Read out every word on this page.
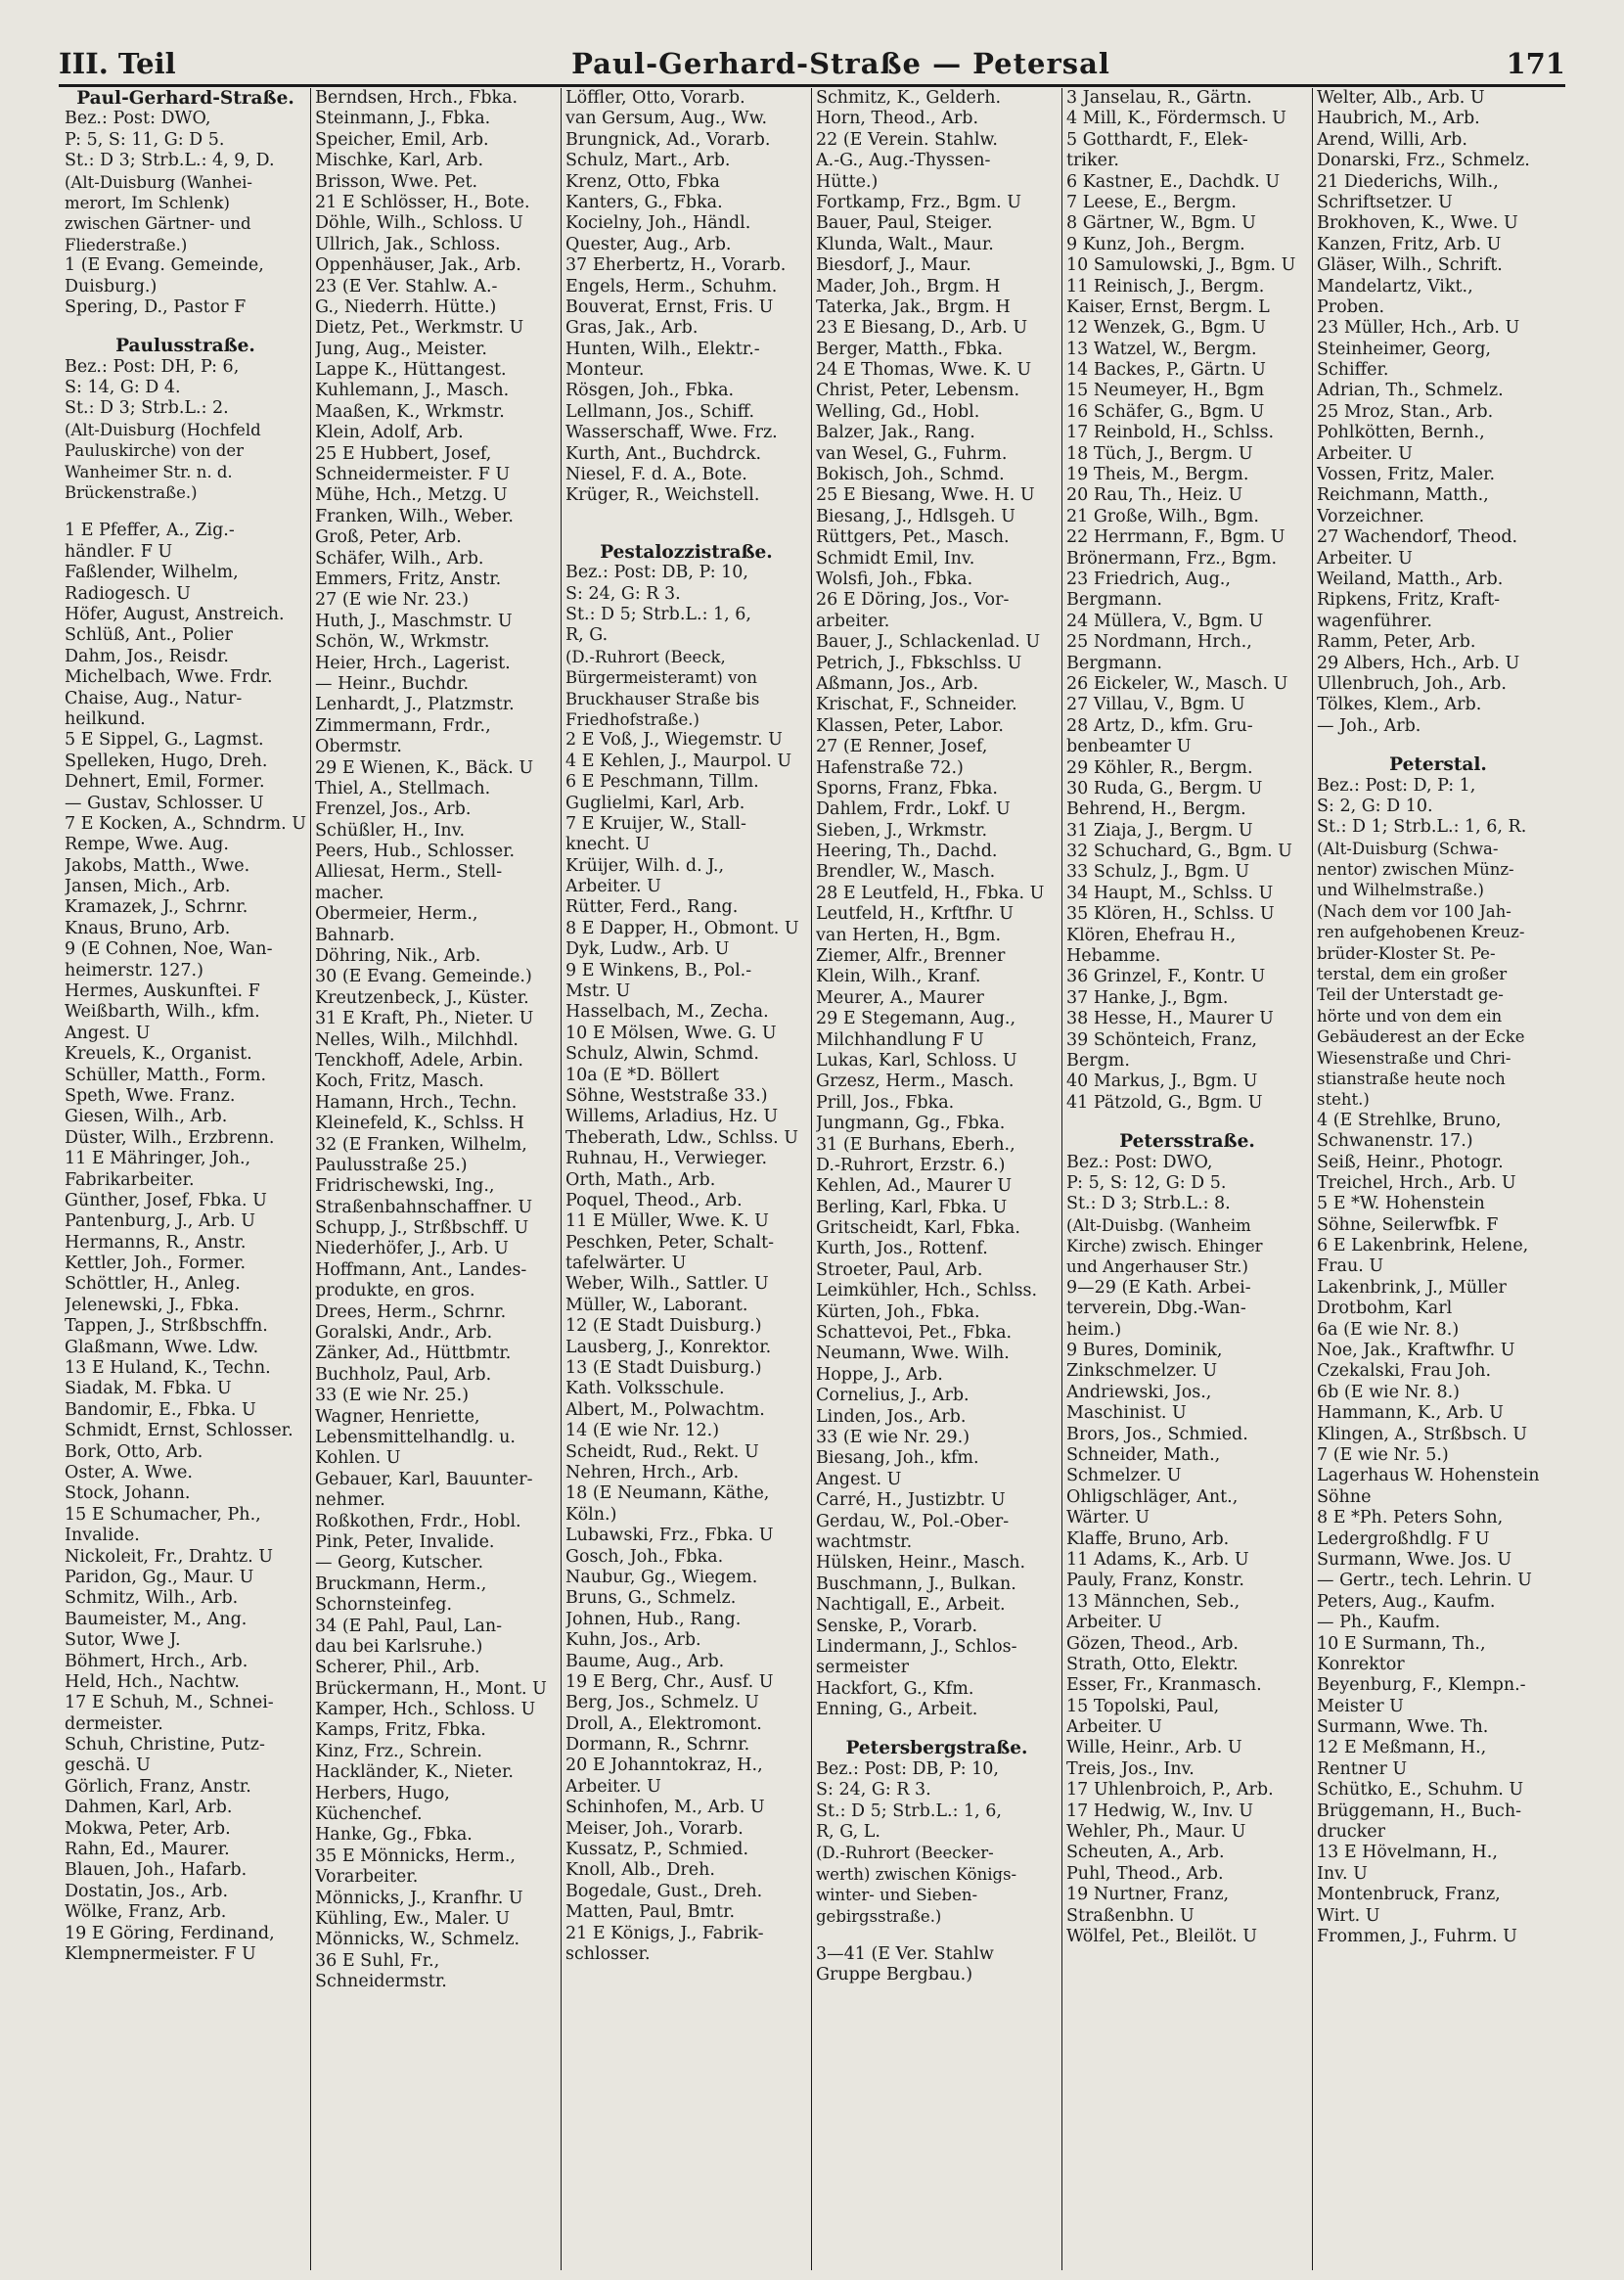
III. Teil	Paul-Gerhard-Straße — Petersal	171
Paul-Gerhard-Straße.
Bez.: Post: DWO,
P: 5, S: 11, G: D 5.
St.: D 3; Strb.L.: 4, 9, D.
(Alt-Duisburg (Wanhei-
merort, Im Schlenk)
zwischen Gärtner- und
Fliederstraße.)
1 (E Evang. Gemeinde,
Duisburg.)
Spering, D., Pastor F
Paulusstraße.
Bez.: Post: DH, P: 6,
S: 14, G: D 4.
St.: D 3; Strb.L.: 2.
(Alt-Duisburg (Hochfeld
Pauluskirche) von der
Wanheimer Str. n. d.
Brückenstraße.)
1 E Pfeffer, A., Zig.-
händler. F U
Faßlender, Wilhelm,
Radiogesch. U
Höfer, August, Anstreich.
Schlüß, Ant., Polier
Dahm, Jos., Reisdr.
Michelbach, Wwe. Frdr.
Chaise, Aug., Natur-
heilkund.
5 E Sippel, G., Lagmst.
Spelleken, Hugo, Dreh.
Dehnert, Emil, Former.
— Gustav, Schlosser. U
7 E Kocken, A., Schndrm. U
Rempe, Wwe. Aug.
Jakobs, Matth., Wwe.
Jansen, Mich., Arb.
Kramazek, J., Schrnr.
Knaus, Bruno, Arb.
9 (E Cohnen, Noe, Wan-
heimerstr. 127.)
Hermes, Auskunftei. F
Weißbarth, Wilh., kfm.
Angest. U
Kreuels, K., Organist.
Schüller, Matth., Form.
Speth, Wwe. Franz.
Giesen, Wilh., Arb.
Düster, Wilh., Erzbrenn.
11 E Mähringer, Joh.,
Fabrikarbeiter.
Günther, Josef, Fbka. U
Pantenburg, J., Arb. U
Hermanns, R., Anstr.
Kettler, Joh., Former.
Schöttler, H., Anleg.
Jelenewski, J., Fbka.
Tappen, J., Strßbschffn.
Glaßmann, Wwe. Ldw.
13 E Huland, K., Techn.
Siadak, M. Fbka. U
Bandomir, E., Fbka. U
Schmidt, Ernst, Schlosser.
Bork, Otto, Arb.
Oster, A. Wwe.
Stock, Johann.
15 E Schumacher, Ph.,
Invalide.
Nickoleit, Fr., Drahtz. U
Paridon, Gg., Maur. U
Schmitz, Wilh., Arb.
Baumeister, M., Ang.
Sutor, Wwe J.
Böhmert, Hrch., Arb.
Held, Hch., Nachtw.
17 E Schuh, M., Schnei-
dermeister.
Schuh, Christine, Putz-
geschä. U
Görlich, Franz, Anstr.
Dahmen, Karl, Arb.
Mokwa, Peter, Arb.
Rahn, Ed., Maurer.
Blauen, Joh., Hafarb.
Dostatin, Jos., Arb.
Wölke, Franz, Arb.
19 E Göring, Ferdinand,
Klempnermeister. F U
Berndsen, Hrch., Fbka.
Steinmann, J., Fbka.
Speicher, Emil, Arb.
Mischke, Karl, Arb.
Brisson, Wwe. Pet.
21 E Schlösser, H., Bote.
Döhle, Wilh., Schloss. U
Ullrich, Jak., Schloss.
Oppenhäuser, Jak., Arb.
23 (E Ver. Stahlw. A.-
G., Niederrh. Hütte.)
Dietz, Pet., Werkmstr. U
Jung, Aug., Meister.
Lappe K., Hüttangest.
Kuhlemann, J., Masch.
Maaßen, K., Wrkmstr.
Klein, Adolf, Arb.
25 E Hubbert, Josef,
Schneidermeister. F U
Mühe, Hch., Metzg. U
Franken, Wilh., Weber.
Groß, Peter, Arb.
Schäfer, Wilh., Arb.
Emmers, Fritz, Anstr.
27 (E wie Nr. 23.)
Huth, J., Maschmstr. U
Schön, W., Wrkmstr.
Heier, Hrch., Lagerist.
— Heinr., Buchdr.
Lenhardt, J., Platzmstr.
Zimmermann, Frdr.,
Obermstr.
29 E Wienen, K., Bäck. U
Thiel, A., Stellmach.
Frenzel, Jos., Arb.
Schüßler, H., Inv.
Peers, Hub., Schlosser.
Alliesat, Herm., Stell-
macher.
Obermeier, Herm.,
Bahnarb.
Döhring, Nik., Arb.
30 (E Evang. Gemeinde.)
Kreutzenbeck, J., Küster.
31 E Kraft, Ph., Nieter. U
Nelles, Wilh., Milchhdl.
Tenckhoff, Adele, Arbin.
Koch, Fritz, Masch.
Hamann, Hrch., Techn.
Kleinefeld, K., Schlss. H
32 (E Franken, Wilhelm,
Paulusstraße 25.)
Fridrischewski, Ing.,
Straßenbahnschaffner. U
Schupp, J., Strßbschff. U
Niederhöfer, J., Arb. U
Hoffmann, Ant., Landes-
produkte, en gros.
Drees, Herm., Schrnr.
Goralski, Andr., Arb.
Zänker, Ad., Hüttbmtr.
Buchholz, Paul, Arb.
33 (E wie Nr. 25.)
Wagner, Henriette,
Lebensmittelhandlg. u.
Kohlen. U
Gebauer, Karl, Bauunter-
nehmer.
Roßkothen, Frdr., Hobl.
Pink, Peter, Invalide.
— Georg, Kutscher.
Bruckmann, Herm.,
Schornsteinfeg.
34 (E Pahl, Paul, Lan-
dau bei Karlsruhe.)
Scherer, Phil., Arb.
Brückermann, H., Mont. U
Kamper, Hch., Schloss. U
Kamps, Fritz, Fbka.
Kinz, Frz., Schrein.
Hackländer, K., Nieter.
Herbers, Hugo,
Küchenchef.
Hanke, Gg., Fbka.
35 E Mönnicks, Herm.,
Vorarbeiter.
Mönnicks, J., Kranfhr. U
Kühling, Ew., Maler. U
Mönnicks, W., Schmelz.
36 E Suhl, Fr.,
Schneidermstr.
Löffler, Otto, Vorarb.
van Gersum, Aug., Ww.
Brungnick, Ad., Vorarb.
Schulz, Mart., Arb.
Krenz, Otto, Fbka
Kanters, G., Fbka.
Kocielny, Joh., Händl.
Quester, Aug., Arb.
37 Eherbertz, H., Vorarb.
Engels, Herm., Schuhm.
Bouverat, Ernst, Fris. U
Gras, Jak., Arb.
Hunten, Wilh., Elektr.-
Monteur.
Rösgen, Joh., Fbka.
Lellmann, Jos., Schiff.
Wasserschaff, Wwe. Frz.
Kurth, Ant., Buchdrck.
Niesel, F. d. A., Bote.
Krüger, R., Weichstell.
Pestalozzistraße.
Bez.: Post: DB, P: 10,
S: 24, G: R 3.
St.: D 5; Strb.L.: 1, 6,
R, G.
(D.-Ruhrort (Beeck,
Bürgermeisteramt) von
Bruckhauser Straße bis
Friedhofstraße.)
2 E Voß, J., Wiegemstr. U
4 E Kehlen, J., Maurpol. U
6 E Peschmann, Tillm.
Guglielmi, Karl, Arb.
7 E Kruijer, W., Stall-
knecht. U
Krüijer, Wilh. d. J.,
Arbeiter. U
Rütter, Ferd., Rang.
8 E Dapper, H., Obmont. U
Dyk, Ludw., Arb. U
9 E Winkens, B., Pol.-
Mstr. U
Hasselbach, M., Zecha.
10 E Mölsen, Wwe. G. U
Schulz, Alwin, Schmd.
10a (E *D. Böllert
Söhne, Weststraße 33.)
Willems, Arladius, Hz. U
Theberath, Ldw., Schlss. U
Ruhnau, H., Verwieger.
Orth, Math., Arb.
Poquel, Theod., Arb.
11 E Müller, Wwe. K. U
Peschken, Peter, Schalt-
tafelwärter. U
Weber, Wilh., Sattler. U
Müller, W., Laborant.
12 (E Stadt Duisburg.)
Lausberg, J., Konrektor.
13 (E Stadt Duisburg.)
Kath. Volksschule.
Albert, M., Polwachtm.
14 (E wie Nr. 12.)
Scheidt, Rud., Rekt. U
Nehren, Hrch., Arb.
18 (E Neumann, Käthe,
Köln.)
Lubawski, Frz., Fbka. U
Gosch, Joh., Fbka.
Naubur, Gg., Wiegem.
Bruns, G., Schmelz.
Johnen, Hub., Rang.
Kuhn, Jos., Arb.
Baume, Aug., Arb.
19 E Berg, Chr., Ausf. U
Berg, Jos., Schmelz. U
Droll, A., Elektromont.
Dormann, R., Schrnr.
20 E Johanntokraz, H.,
Arbeiter. U
Schinhofen, M., Arb. U
Meiser, Joh., Vorarb.
Kussatz, P., Schmied.
Knoll, Alb., Dreh.
Bogedale, Gust., Dreh.
Matten, Paul, Bmtr.
21 E Königs, J., Fabrik-
schlosser.
Schmitz, K., Gelderh.
Horn, Theod., Arb.
22 (E Verein. Stahlw.
A.-G., Aug.-Thyssen-
Hütte.)
Fortkamp, Frz., Bgm. U
Bauer, Paul, Steiger.
Klunda, Walt., Maur.
Biesdorf, J., Maur.
Mader, Joh., Brgm. H
Taterka, Jak., Brgm. H
23 E Biesang, D., Arb. U
Berger, Matth., Fbka.
24 E Thomas, Wwe. K. U
Christ, Peter, Lebensm.
Welling, Gd., Hobl.
Balzer, Jak., Rang.
van Wesel, G., Fuhrm.
Bokisch, Joh., Schmd.
25 E Biesang, Wwe. H. U
Biesang, J., Hdlsgeh. U
Rüttgers, Pet., Masch.
Schmidt Emil, Inv.
Wolsfi, Joh., Fbka.
26 E Döring, Jos., Vor-
arbeiter.
Bauer, J., Schlackenlad. U
Petrich, J., Fbkschlss. U
Aßmann, Jos., Arb.
Krischat, F., Schneider.
Klassen, Peter, Labor.
27 (E Renner, Josef,
Hafenstraße 72.)
Sporns, Franz, Fbka.
Dahlem, Frdr., Lokf. U
Sieben, J., Wrkmstr.
Heering, Th., Dachd.
Brendler, W., Masch.
28 E Leutfeld, H., Fbka. U
Leutfeld, H., Krftfhr. U
van Herten, H., Bgm.
Ziemer, Alfr., Brenner
Klein, Wilh., Kranf.
Meurer, A., Maurer
29 E Stegemann, Aug.,
Milchhandlung F U
Lukas, Karl, Schloss. U
Grzesz, Herm., Masch.
Prill, Jos., Fbka.
Jungmann, Gg., Fbka.
31 (E Burhans, Eberh.,
D.-Ruhrort, Erzstr. 6.)
Kehlen, Ad., Maurer U
Berling, Karl, Fbka. U
Gritscheidt, Karl, Fbka.
Kurth, Jos., Rottenf.
Stroeter, Paul, Arb.
Leimkühler, Hch., Schlss.
Kürten, Joh., Fbka.
Schattevoi, Pet., Fbka.
Neumann, Wwe. Wilh.
Hoppe, J., Arb.
Cornelius, J., Arb.
Linden, Jos., Arb.
33 (E wie Nr. 29.)
Biesang, Joh., kfm.
Angest. U
Carré, H., Justizbtr. U
Gerdau, W., Pol.-Ober-
wachtmstr.
Hülsken, Heinr., Masch.
Buschmann, J., Bulkan.
Nachtigall, E., Arbeit.
Senske, P., Vorarb.
Lindermann, J., Schlos-
sermeister
Hackfort, G., Kfm.
Enning, G., Arbeit.
Petersbergstraße.
Bez.: Post: DB, P: 10,
S: 24, G: R 3.
St.: D 5; Strb.L.: 1, 6,
R, G, L.
(D.-Ruhrort (Beecker-
werth) zwischen Königs-
winter- und Sieben-
gebirgsstraße.)
3—41 (E Ver. Stahlw
Gruppe Bergbau.)
3 Janselau, R., Gärtn.
4 Mill, K., Fördermsch. U
5 Gotthardt, F., Elek-
triker.
6 Kastner, E., Dachdk. U
7 Leese, E., Bergm.
8 Gärtner, W., Bgm. U
9 Kunz, Joh., Bergm.
10 Samulowski, J., Bgm. U
11 Reinisch, J., Bergm.
Kaiser, Ernst, Bergm. L
12 Wenzek, G., Bgm. U
13 Watzel, W., Bergm.
14 Backes, P., Gärtn. U
15 Neumeyer, H., Bgm
16 Schäfer, G., Bgm. U
17 Reinbold, H., Schlss.
18 Tüch, J., Bergm. U
19 Theis, M., Bergm.
20 Rau, Th., Heiz. U
21 Große, Wilh., Bgm.
22 Herrmann, F., Bgm. U
Brönermann, Frz., Bgm.
23 Friedrich, Aug.,
Bergmann.
24 Müllera, V., Bgm. U
25 Nordmann, Hrch.,
Bergmann.
26 Eickeler, W., Masch. U
27 Villau, V., Bgm. U
28 Artz, D., kfm. Gru-
benbeamter U
29 Köhler, R., Bergm.
30 Ruda, G., Bergm. U
Behrend, H., Bergm.
31 Ziaja, J., Bergm. U
32 Schuchard, G., Bgm. U
33 Schulz, J., Bgm. U
34 Haupt, M., Schlss. U
35 Klören, H., Schlss. U
Klören, Ehefrau H.,
Hebamme.
36 Grinzel, F., Kontr. U
37 Hanke, J., Bgm.
38 Hesse, H., Maurer U
39 Schönteich, Franz,
Bergm.
40 Markus, J., Bgm. U
41 Pätzold, G., Bgm. U
Petersstraße.
Bez.: Post: DWO,
P: 5, S: 12, G: D 5.
St.: D 3; Strb.L.: 8.
(Alt-Duisbg. (Wanheim
Kirche) zwisch. Ehinger
und Angerhauser Str.)
9—29 (E Kath. Arbei-
terverein, Dbg.-Wan-
heim.)
9 Bures, Dominik,
Zinkschmelzer. U
Andriewski, Jos.,
Maschinist. U
Brors, Jos., Schmied.
Schneider, Math.,
Schmelzer. U
Ohligschläger, Ant.,
Wärter. U
Klaffe, Bruno, Arb.
11 Adams, K., Arb. U
Pauly, Franz, Konstr.
13 Männchen, Seb.,
Arbeiter. U
Gözen, Theod., Arb.
Strath, Otto, Elektr.
Esser, Fr., Kranmasch.
15 Topolski, Paul,
Arbeiter. U
Wille, Heinr., Arb. U
Treis, Jos., Inv.
17 Uhlenbroich, P., Arb.
17 Hedwig, W., Inv. U
Wehler, Ph., Maur. U
Scheuten, A., Arb.
Puhl, Theod., Arb.
19 Nurtner, Franz,
Straßenbhn. U
Wölfel, Pet., Bleilöt. U
Welter, Alb., Arb. U
Haubrich, M., Arb.
Arend, Willi, Arb.
Donarski, Frz., Schmelz.
21 Diederichs, Wilh.,
Schriftsetzer. U
Brokhoven, K., Wwe. U
Kanzen, Fritz, Arb. U
Gläser, Wilh., Schrift.
Mandelartz, Vikt.,
Proben.
23 Müller, Hch., Arb. U
Steinheimer, Georg,
Schiffer.
Adrian, Th., Schmelz.
25 Mroz, Stan., Arb.
Pohlkötten, Bernh.,
Arbeiter. U
Vossen, Fritz, Maler.
Reichmann, Matth.,
Vorzeichner.
27 Wachendorf, Theod.
Arbeiter. U
Weiland, Matth., Arb.
Ripkens, Fritz, Kraft-
wagenführer.
Ramm, Peter, Arb.
29 Albers, Hch., Arb. U
Ullenbruch, Joh., Arb.
Tölkes, Klem., Arb.
— Joh., Arb.
Peterstal.
Bez.: Post: D, P: 1,
S: 2, G: D 10.
St.: D 1; Strb.L.: 1, 6, R.
(Alt-Duisburg (Schwa-
nentor) zwischen Münz-
und Wilhelmstraße.)
(Nach dem vor 100 Jah-
ren aufgehobenen Kreuz-
brüder-Kloster St. Pe-
terstal, dem ein großer
Teil der Unterstadt ge-
hörte und von dem ein
Gebäuderest an der Ecke
Wiesenstraße und Chri-
stianstraße heute noch
steht.)
4 (E Strehlke, Bruno,
Schwanenstr. 17.)
Seiß, Heinr., Photogr.
Treichel, Hrch., Arb. U
5 E *W. Hohenstein
Söhne, Seilerwfbk. F
6 E Lakenbrink, Helene,
Frau. U
Lakenbrink, J., Müller
Drotbohm, Karl
6a (E wie Nr. 8.)
Noe, Jak., Kraftwfhr. U
Czekalski, Frau Joh.
6b (E wie Nr. 8.)
Hammann, K., Arb. U
Klingen, A., Strßbsch. U
7 (E wie Nr. 5.)
Lagerhaus W. Hohenstein
Söhne
8 E *Ph. Peters Sohn,
Ledergroßhdlg. F U
Surmann, Wwe. Jos. U
— Gertr., tech. Lehrin. U
Peters, Aug., Kaufm.
— Ph., Kaufm.
10 E Surmann, Th.,
Konrektor
Beyenburg, F., Klempn.-
Meister U
Surmann, Wwe. Th.
12 E Meßmann, H.,
Rentner U
Schütko, E., Schuhm. U
Brüggemann, H., Buch-
drucker
13 E Hövelmann, H.,
Inv. U
Montenbruck, Franz,
Wirt. U
Frommen, J., Fuhrm. U
